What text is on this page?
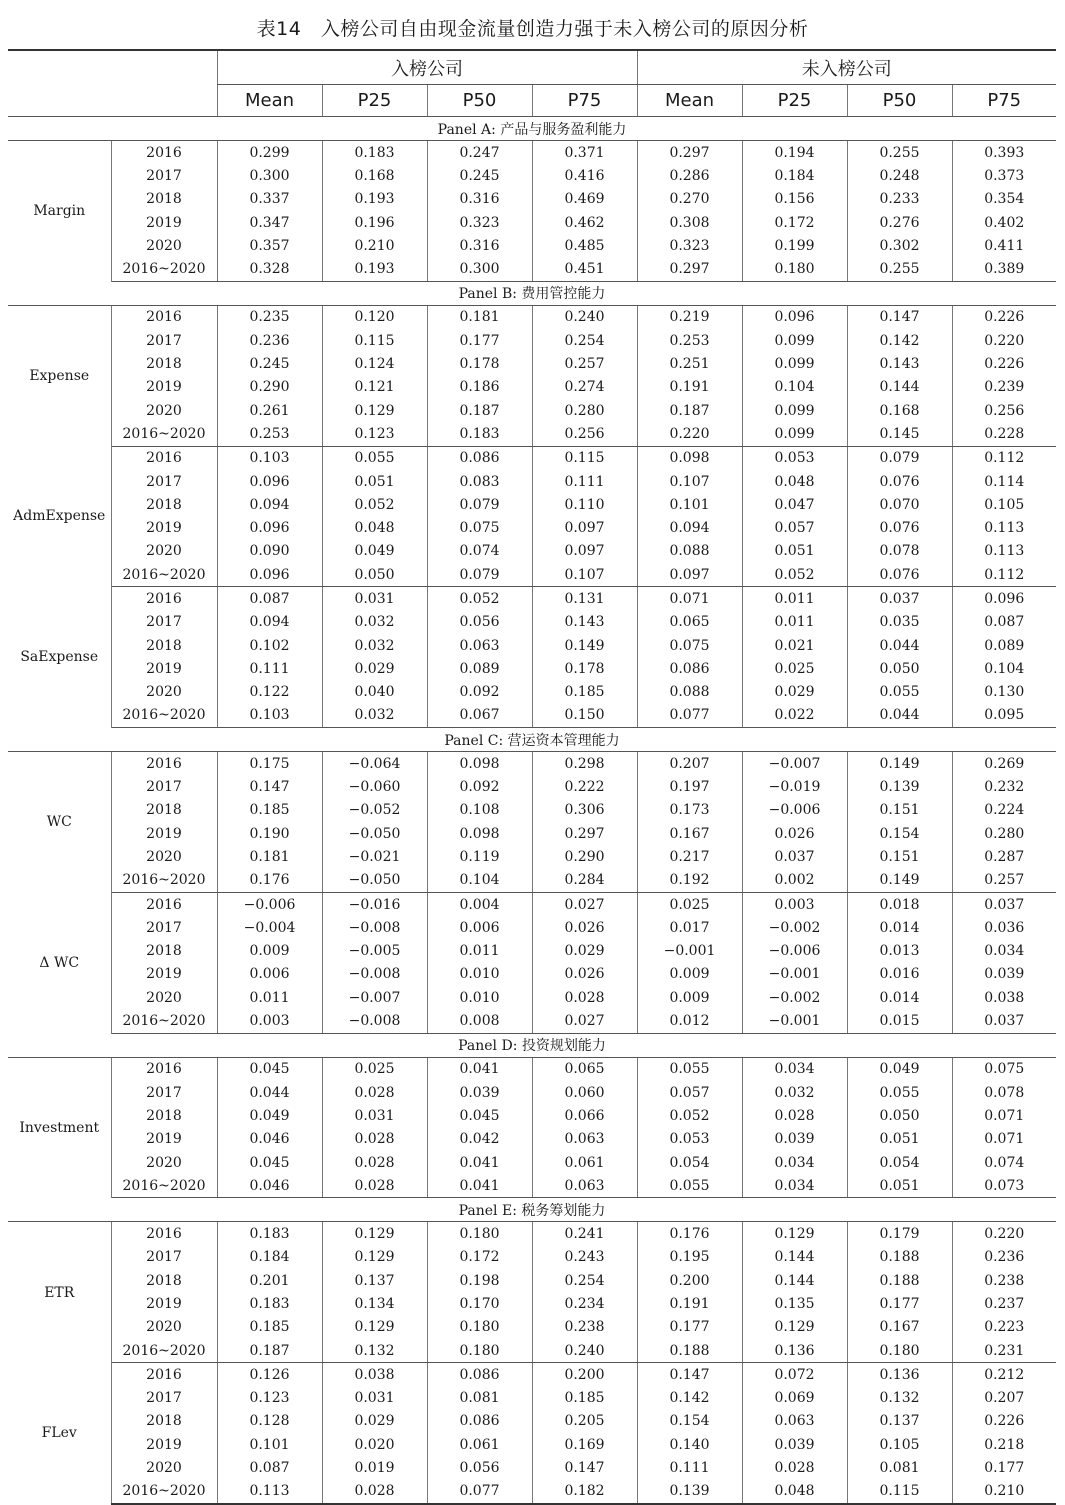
表14　入榜公司自由现金流量创造力强于未入榜公司的原因分析
		入榜公司				未入榜公司			
		Mean	P25	P50	P75	Mean	P25	P50	P75
Panel A: 产品与服务盈利能力									
Margin	2016	0.299	0.183	0.247	0.371	0.297	0.194	0.255	0.393
	2017	0.300	0.168	0.245	0.416	0.286	0.184	0.248	0.373
	2018	0.337	0.193	0.316	0.469	0.270	0.156	0.233	0.354
	2019	0.347	0.196	0.323	0.462	0.308	0.172	0.276	0.402
	2020	0.357	0.210	0.316	0.485	0.323	0.199	0.302	0.411
	2016~2020	0.328	0.193	0.300	0.451	0.297	0.180	0.255	0.389
Panel B: 费用管控能力									
Expense	2016	0.235	0.120	0.181	0.240	0.219	0.096	0.147	0.226
	2017	0.236	0.115	0.177	0.254	0.253	0.099	0.142	0.220
	2018	0.245	0.124	0.178	0.257	0.251	0.099	0.143	0.226
	2019	0.290	0.121	0.186	0.274	0.191	0.104	0.144	0.239
	2020	0.261	0.129	0.187	0.280	0.187	0.099	0.168	0.256
	2016~2020	0.253	0.123	0.183	0.256	0.220	0.099	0.145	0.228
AdmExpense	2016	0.103	0.055	0.086	0.115	0.098	0.053	0.079	0.112
	2017	0.096	0.051	0.083	0.111	0.107	0.048	0.076	0.114
	2018	0.094	0.052	0.079	0.110	0.101	0.047	0.070	0.105
	2019	0.096	0.048	0.075	0.097	0.094	0.057	0.076	0.113
	2020	0.090	0.049	0.074	0.097	0.088	0.051	0.078	0.113
	2016~2020	0.096	0.050	0.079	0.107	0.097	0.052	0.076	0.112
SaExpense	2016	0.087	0.031	0.052	0.131	0.071	0.011	0.037	0.096
	2017	0.094	0.032	0.056	0.143	0.065	0.011	0.035	0.087
	2018	0.102	0.032	0.063	0.149	0.075	0.021	0.044	0.089
	2019	0.111	0.029	0.089	0.178	0.086	0.025	0.050	0.104
	2020	0.122	0.040	0.092	0.185	0.088	0.029	0.055	0.130
	2016~2020	0.103	0.032	0.067	0.150	0.077	0.022	0.044	0.095
Panel C: 营运资本管理能力									
WC	2016	0.175	−0.064	0.098	0.298	0.207	−0.007	0.149	0.269
	2017	0.147	−0.060	0.092	0.222	0.197	−0.019	0.139	0.232
	2018	0.185	−0.052	0.108	0.306	0.173	−0.006	0.151	0.224
	2019	0.190	−0.050	0.098	0.297	0.167	0.026	0.154	0.280
	2020	0.181	−0.021	0.119	0.290	0.217	0.037	0.151	0.287
	2016~2020	0.176	−0.050	0.104	0.284	0.192	0.002	0.149	0.257
Δ WC	2016	−0.006	−0.016	0.004	0.027	0.025	0.003	0.018	0.037
	2017	−0.004	−0.008	0.006	0.026	0.017	−0.002	0.014	0.036
	2018	0.009	−0.005	0.011	0.029	−0.001	−0.006	0.013	0.034
	2019	0.006	−0.008	0.010	0.026	0.009	−0.001	0.016	0.039
	2020	0.011	−0.007	0.010	0.028	0.009	−0.002	0.014	0.038
	2016~2020	0.003	−0.008	0.008	0.027	0.012	−0.001	0.015	0.037
Panel D: 投资规划能力									
Investment	2016	0.045	0.025	0.041	0.065	0.055	0.034	0.049	0.075
	2017	0.044	0.028	0.039	0.060	0.057	0.032	0.055	0.078
	2018	0.049	0.031	0.045	0.066	0.052	0.028	0.050	0.071
	2019	0.046	0.028	0.042	0.063	0.053	0.039	0.051	0.071
	2020	0.045	0.028	0.041	0.061	0.054	0.034	0.054	0.074
	2016~2020	0.046	0.028	0.041	0.063	0.055	0.034	0.051	0.073
Panel E: 税务筹划能力									
ETR	2016	0.183	0.129	0.180	0.241	0.176	0.129	0.179	0.220
	2017	0.184	0.129	0.172	0.243	0.195	0.144	0.188	0.236
	2018	0.201	0.137	0.198	0.254	0.200	0.144	0.188	0.238
	2019	0.183	0.134	0.170	0.234	0.191	0.135	0.177	0.237
	2020	0.185	0.129	0.180	0.238	0.177	0.129	0.167	0.223
	2016~2020	0.187	0.132	0.180	0.240	0.188	0.136	0.180	0.231
FLev	2016	0.126	0.038	0.086	0.200	0.147	0.072	0.136	0.212
	2017	0.123	0.031	0.081	0.185	0.142	0.069	0.132	0.207
	2018	0.128	0.029	0.086	0.205	0.154	0.063	0.137	0.226
	2019	0.101	0.020	0.061	0.169	0.140	0.039	0.105	0.218
	2020	0.087	0.019	0.056	0.147	0.111	0.028	0.081	0.177
	2016~2020	0.113	0.028	0.077	0.182	0.139	0.048	0.115	0.210
